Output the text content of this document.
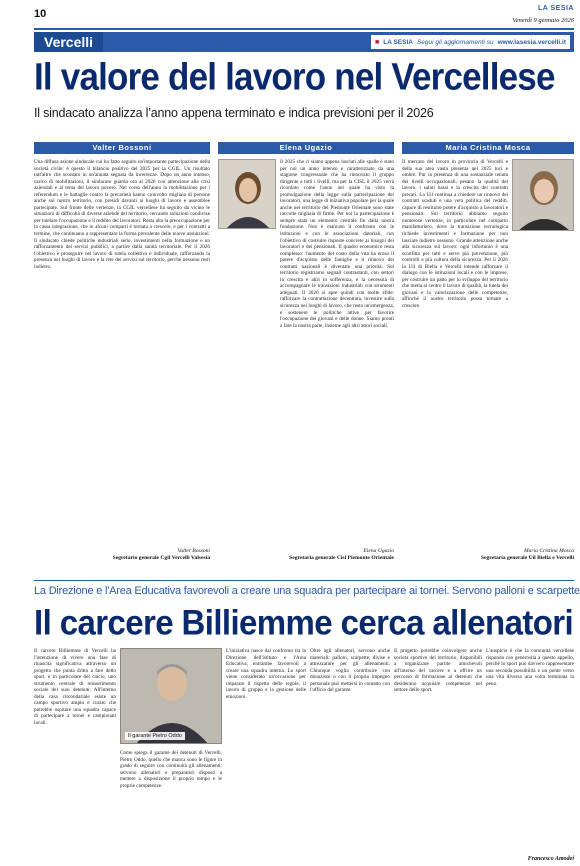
10	LA SESIA
Venerdì 9 gennaio 2026
Vercelli	■ LA SESIA Segui gli aggiornamenti su www.lasesia.vercelli.it
Il valore del lavoro nel Vercellese
Il sindacato analizza l’anno appena terminato e indica previsioni per il 2026
Valter Bossoni
Una diffusa azione sindacale cui ha fatto seguito un'importante partecipazione della società civile: è questo il bilancio positivo del 2025 per la CGIL. Un risultato tutt'altro che scontato in un'annata segnata da incertezze. Dopo un anno intenso, carico di mobilitazioni, il sindacato guarda ora al 2026 con attenzione alle crisi aziendali e al tema del lavoro povero. Nel corso dell'anno la mobilitazione per i referendum e le battaglie contro la precarietà hanno coinvolto migliaia di persone anche sul nostro territorio, con presidi davanti ai luoghi di lavoro e assemblee partecipate. Sul fronte delle vertenze, la CGIL vercellese ha seguito da vicino le situazioni di difficoltà di diverse aziende del territorio, cercando soluzioni condivise per tutelare l'occupazione e il reddito dei lavoratori. Resta alta la preoccupazione per la cassa integrazione, che in alcuni comparti è tornata a crescere, e per i contratti a termine, che continuano a rappresentare la forma prevalente delle nuove assunzioni. Il sindacato chiede politiche industriali serie, investimenti nella formazione e un rafforzamento dei servizi pubblici, a partire dalla sanità territoriale. Per il 2026 l'obiettivo è proseguire nel lavoro di tutela collettiva e individuale, rafforzando la presenza nei luoghi di lavoro e la rete dei servizi sul territorio, perché nessuno resti indietro.
Valter Bossoni
Segretario generale Cgil Vercelli Valsesia
Elena Ugazio
Il 2025 che ci siamo appena lasciati alle spalle è stato per noi un anno intenso e caratterizzato da una stagione congressuale che ha rinnovato il gruppo dirigente a tutti i livelli, ma per la CISL il 2025 verrà ricordato come l'anno nel quale ha visto la promulgazione della legge sulla partecipazione dei lavoratori, una legge di iniziativa popolare per la quale anche nel territorio del Piemonte Orientale sono state raccolte migliaia di firme. Per noi la partecipazione è sempre stata un elemento centrale fin dalla nostra fondazione. Non è mancato il confronto con le istituzioni e con le associazioni datoriali, con l'obiettivo di costruire risposte concrete ai bisogni dei lavoratori e dei pensionati. Il quadro economico resta complesso: l'aumento del costo della vita ha eroso il potere d'acquisto delle famiglie e il rinnovo dei contratti nazionali è diventato una priorità. Sul territorio registriamo segnali contrastanti, con settori in crescita e altri in sofferenza, e la necessità di accompagnare le transizioni industriali con strumenti adeguati. Il 2026 si apre quindi con molte sfide: rafforzare la contrattazione decentrata, investire sulla sicurezza nei luoghi di lavoro, che resta un'emergenza, e sostenere le politiche attive per favorire l'occupazione dei giovani e delle donne. Siamo pronti a fare la nostra parte, insieme agli altri attori sociali.
Elena Ugazio
Segretaria generale Cisl Piemonte Orientale
Maria Cristina Mosca
Il mercato del lavoro in provincia di Vercelli e della sua area vasta presenta nel 2025 luci e ombre. Pur in presenza di una sostanziale tenuta dei livelli occupazionali, pesano la qualità del lavoro, i salari bassi e la crescita dei contratti precari. La Uil continua a chiedere un rinnovo dei contratti scaduti e una vera politica dei redditi, capace di restituire potere d'acquisto a lavoratori e pensionati. Sul territorio abbiamo seguito numerose vertenze, in particolare nel comparto manifatturiero, dove la transizione tecnologica richiede investimenti e formazione per non lasciare indietro nessuno. Grande attenzione anche alla sicurezza sul lavoro: ogni infortunio è una sconfitta per tutti e serve più prevenzione, più controlli e più cultura della sicurezza. Per il 2026 la Uil di Biella e Vercelli intende rafforzare il dialogo con le istituzioni locali e con le imprese, per costruire un patto per lo sviluppo del territorio che metta al centro il lavoro di qualità, la tutela dei giovani e la valorizzazione delle competenze, affinché il nostro territorio possa tornare a crescere.
Maria Cristina Mosca
Segretaria generale Uil Biella e Vercelli
La Direzione e l'Area Educativa favorevoli a creare una squadra per partecipare ai tornei. Servono palloni e scarpette
Il carcere Billiemme cerca allenatori
Il carcere Billiemme di Vercelli ha l'intenzione di vivere una fase di rinascita significativa attraverso un progetto che punta dritto a fare dello sport, e in particolare del calcio, uno strumento centrale di reinserimento sociale dei suoi detenuti. All'interno della casa circondariale esiste un campo sportivo ampio e curato che potrebbe ospitare una squadra capace di partecipare a tornei e campionati locali.
Il garante Pietro Oddo
Come spiega il garante dei detenuti di Vercelli, Pietro Oddo, quello che manca sono le figure in grado di seguire con continuità gli allenamenti: servono allenatori e preparatori disposti a mettere a disposizione il proprio tempo e le proprie competenze.
L'iniziativa nasce dal confronto tra la Direzione dell'istituto e l'Area Educativa, entrambe favorevoli a creare una squadra interna. Lo sport viene considerato un'occasione per imparare il rispetto delle regole, il lavoro di gruppo e la gestione delle emozioni.
Oltre agli allenatori, servono anche materiali: palloni, scarpette, divise e attrezzature per gli allenamenti. Chiunque voglia contribuire con donazioni o con il proprio impegno personale può mettersi in contatto con l'ufficio del garante.
Il progetto potrebbe coinvolgere anche società sportive del territorio, disponibili a organizzare partite amichevoli all'interno del carcere e a offrire un percorso di formazione ai detenuti che desiderano acquisire competenze nel settore dello sport.
L'auspicio è che la comunità vercellese risponda con generosità a questo appello, perché lo sport può davvero rappresentare una seconda possibilità e un ponte verso una vita diversa una volta terminata la pena.
Francesco Amodei
